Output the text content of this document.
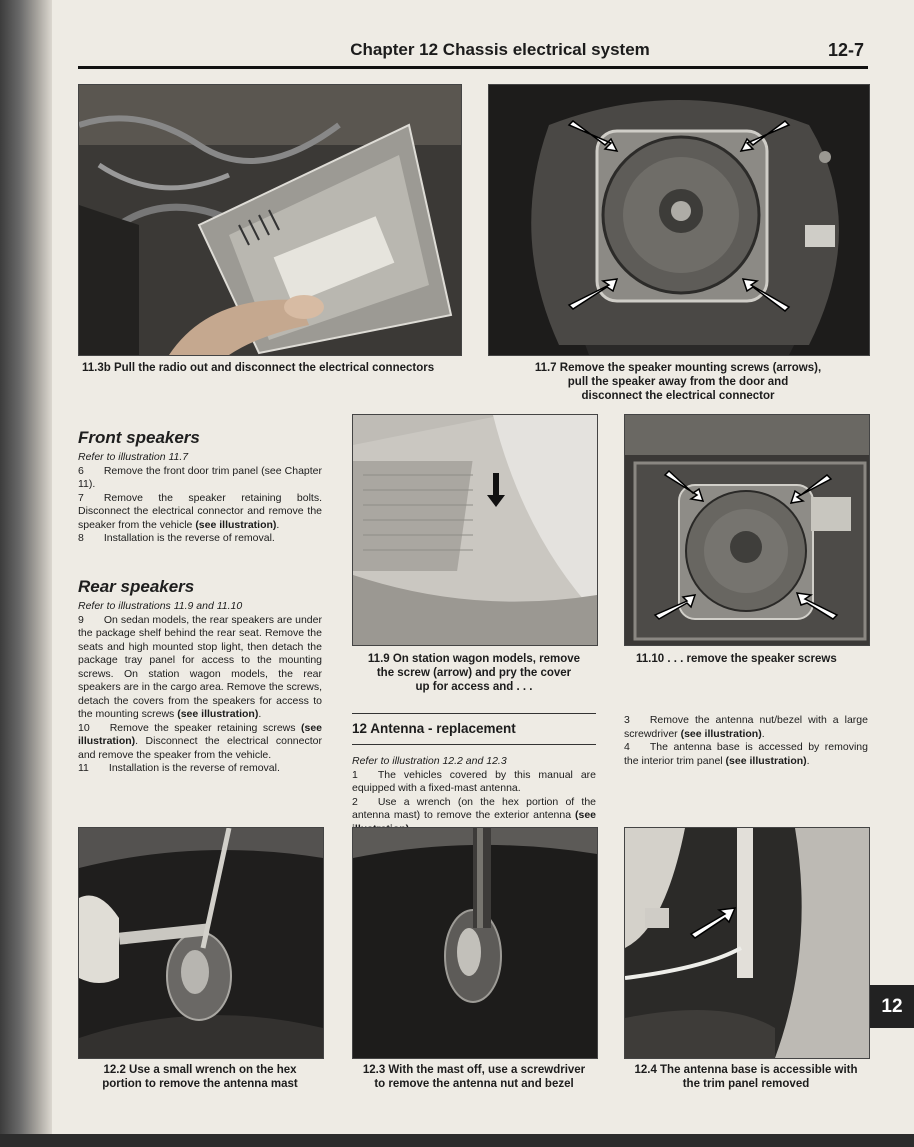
Chapter 12 Chassis electrical system	12-7
11.3b Pull the radio out and disconnect the electrical connectors	11.7 Remove the speaker mounting screws (arrows),
pull the speaker away from the door and
disconnect the electrical connector
Front speakers

Refer to illustration 11.7

6 Remove the front door trim panel (see Chapter 11).

7 Remove the speaker retaining bolts. Disconnect the electrical connector and remove the speaker from the vehicle (see illustration).

8 Installation is the reverse of removal.

Rear speakers

Refer to illustrations 11.9 and 11.10

9 On sedan models, the rear speakers are under the package shelf behind the rear seat. Remove the seats and high mounted stop light, then detach the package tray panel for access to the mounting screws. On station wagon models, the rear speakers are in the cargo area. Remove the screws, detach the covers from the speakers for access to the mounting screws (see illustration).

10 Remove the speaker retaining screws (see illustration). Disconnect the electrical connector and remove the speaker from the vehicle.

11 Installation is the reverse of removal.

11.9 On station wagon models, remove
the screw (arrow) and pry the cover
up for access and . . .
11.10 . . . remove the speaker screws
12 Antenna - replacement

Refer to illustration 12.2 and 12.3

1 The vehicles covered by this manual are equipped with a fixed-mast antenna.

2 Use a wrench (on the hex portion of the antenna mast) to remove the exterior antenna (see

3 Remove the antenna nut/bezel with a large screwdriver (see illustration).

4 The antenna base is accessed by removing the interior trim panel (see illustration).

12.2 Use a small wrench on the hex
portion to remove the antenna mast
12.3 With the mast off, use a screwdriver
to remove the antenna nut and bezel
12.4 The antenna base is accessible with
the trim panel removed
12
